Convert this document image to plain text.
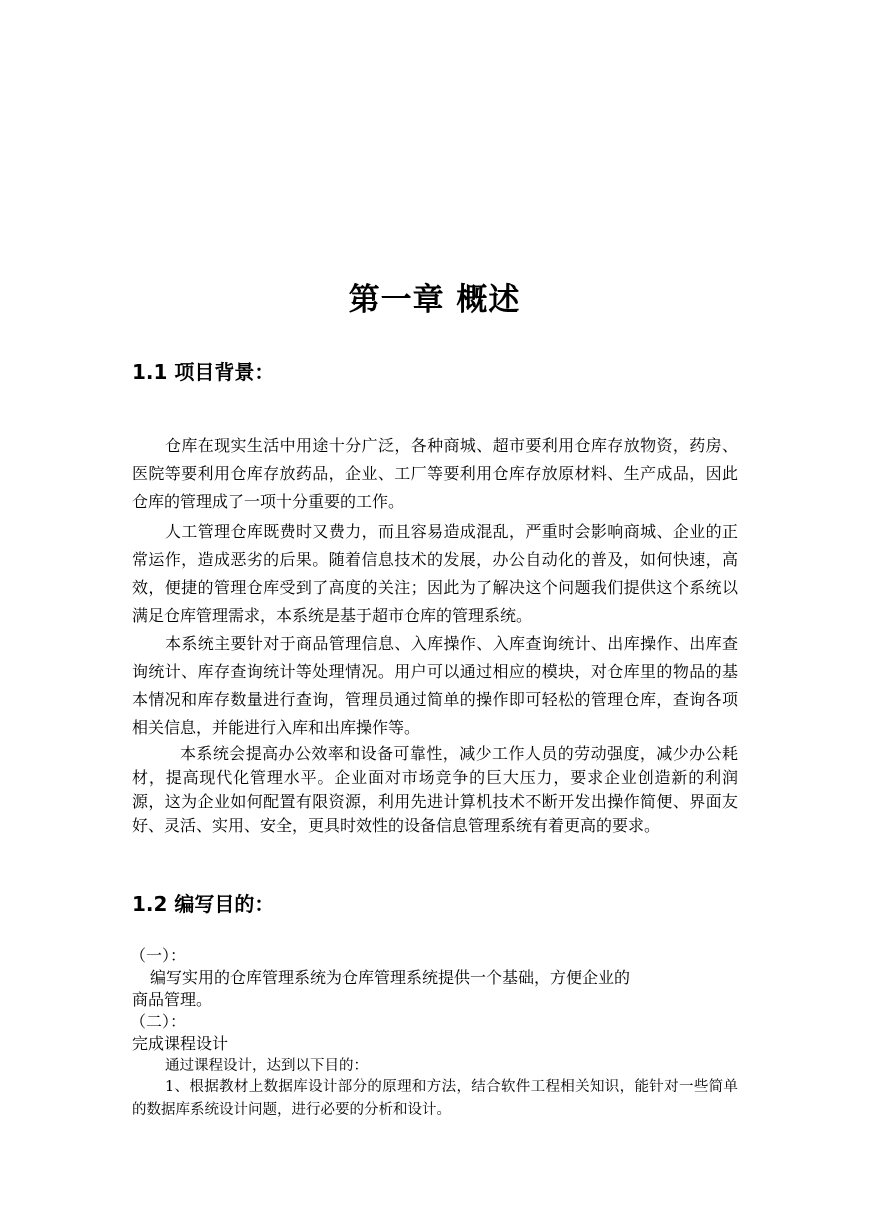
第一章 概述
1.1 项目背景：

仓库在现实生活中用途十分广泛，各种商城、超市要利用仓库存放物资，药房、医院等要利用仓库存放药品，企业、工厂等要利用仓库存放原材料、生产成品，因此仓库的管理成了一项十分重要的工作。

人工管理仓库既费时又费力，而且容易造成混乱，严重时会影响商城、企业的正常运作，造成恶劣的后果。随着信息技术的发展，办公自动化的普及，如何快速，高效，便捷的管理仓库受到了高度的关注；因此为了解决这个问题我们提供这个系统以满足仓库管理需求，本系统是基于超市仓库的管理系统。

本系统主要针对于商品管理信息、入库操作、入库查询统计、出库操作、出库查询统计、库存查询统计等处理情况。用户可以通过相应的模块，对仓库里的物品的基本情况和库存数量进行查询，管理员通过简单的操作即可轻松的管理仓库，查询各项相关信息，并能进行入库和出库操作等。

本系统会提高办公效率和设备可靠性，减少工作人员的劳动强度，减少办公耗材，提高现代化管理水平。企业面对市场竞争的巨大压力，要求企业创造新的利润源，这为企业如何配置有限资源，利用先进计算机技术不断开发出操作简便、界面友好、灵活、实用、安全，更具时效性的设备信息管理系统有着更高的要求。

1.2 编写目的：

（一）：

编写实用的仓库管理系统为仓库管理系统提供一个基础，方便企业的

商品管理。

（二）：

完成课程设计

通过课程设计，达到以下目的：

1、根据教材上数据库设计部分的原理和方法，结合软件工程相关知识，能针对一些简单的数据库系统设计问题，进行必要的分析和设计。
